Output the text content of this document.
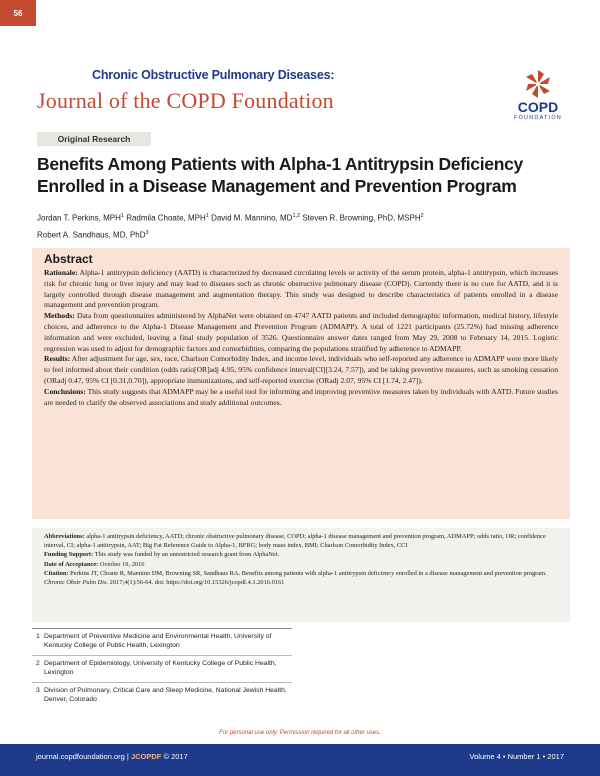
56
Chronic Obstructive Pulmonary Diseases:
Journal of the COPD Foundation	COPD
FOUNDATION
Original Research
Benefits Among Patients with Alpha-1 Antitrypsin Deficiency Enrolled in a Disease Management and Prevention Program
Jordan T. Perkins, MPH$^1$ Radmila Choate, MPH$^1$ David M. Mannino, MD$^{1,2}$ Steven R. Browning, PhD, MSPH$^2$
Robert A. Sandhaus, MD, PhD$^3$
Abstract

Rationale: Alpha-1 antitrypsin deficiency (AATD) is characterized by decreased circulating levels or activity of the serum protein, alpha-1 antitrypsin, which increases risk for chronic lung or liver injury and may lead to diseases such as chronic obstructive pulmonary disease (COPD). Currently there is no cure for AATD, and it is largely controlled through disease management and augmentation therapy. This study was designed to describe characteristics of patients enrolled in a disease management and prevention program.

Methods: Data from questionnaires administered by AlphaNet were obtained on 4747 AATD patients and included demographic information, medical history, lifestyle choices, and adherence to the Alpha-1 Disease Management and Prevention Program (ADMAPP). A total of 1221 participants (25.72%) had missing adherence information and were excluded, leaving a final study population of 3526. Questionnaire answer dates ranged from May 29, 2008 to February 14, 2015. Logistic regression was used to adjust for demographic factors and comorbidities, comparing the populations stratified by adherence to ADMAPP.

Results: After adjustment for age, sex, race, Charlson Comorbidity Index, and income level, individuals who self-reported any adherence to ADMAPP were more likely to feel informed about their condition (odds ratio[OR]adj 4.95, 95% confidence interval[CI][3.24, 7.57]), and be taking preventive measures, such as smoking cessation (ORadj 0.47, 95% CI [0.31,0.70]), appropriate immunizations, and self-reported exercise (ORadj 2.07, 95% CI [1.74, 2.47]).

Conclusions: This study suggests that ADMAPP may be a useful tool for informing and improving preventive measures taken by individuals with AATD. Future studies are needed to clarify the observed associations and study additional outcomes.

Abbreviations: alpha-1 antitrypsin deficiency, AATD; chronic obstructive pulmonary disease, COPD; alpha-1 disease management and prevention program, ADMAPP; odds ratio, OR; confidence interval, CI; alpha-1 antitrypsin, AAT; Big Fat Reference Guide to Alpha-1, BFRG; body mass index, BMI; Charlson Comorbidity Index, CCI

Funding Support: This study was funded by an unrestricted research grant from AlphaNet.

Date of Acceptance: October 19, 2016

Citation: Perkins JT, Choate R, Mannino DM, Browning SR, Sandhaus RA. Benefits among patients with alpha-1 antitrypsin deficiency enrolled in a disease management and prevention program. Chronic Obstr Pulm Dis. 2017;4(1):56-64. doi: https://doi.org/10.15326/jcopdf.4.1.2016.0161

1 Department of Preventive Medicine and Environmental Health, University of Kentucky College of Public Health, Lexington
2 Department of Epidemiology, University of Kentucky College of Public Health, Lexington
3 Division of Pulmonary, Critical Care and Sleep Medicine, National Jewish Health, Denver, Colorado
For personal use only. Permission required for all other uses.
journal.copdfoundation.org | JCOPDF © 2017	Volume 4 • Number 1 • 2017
